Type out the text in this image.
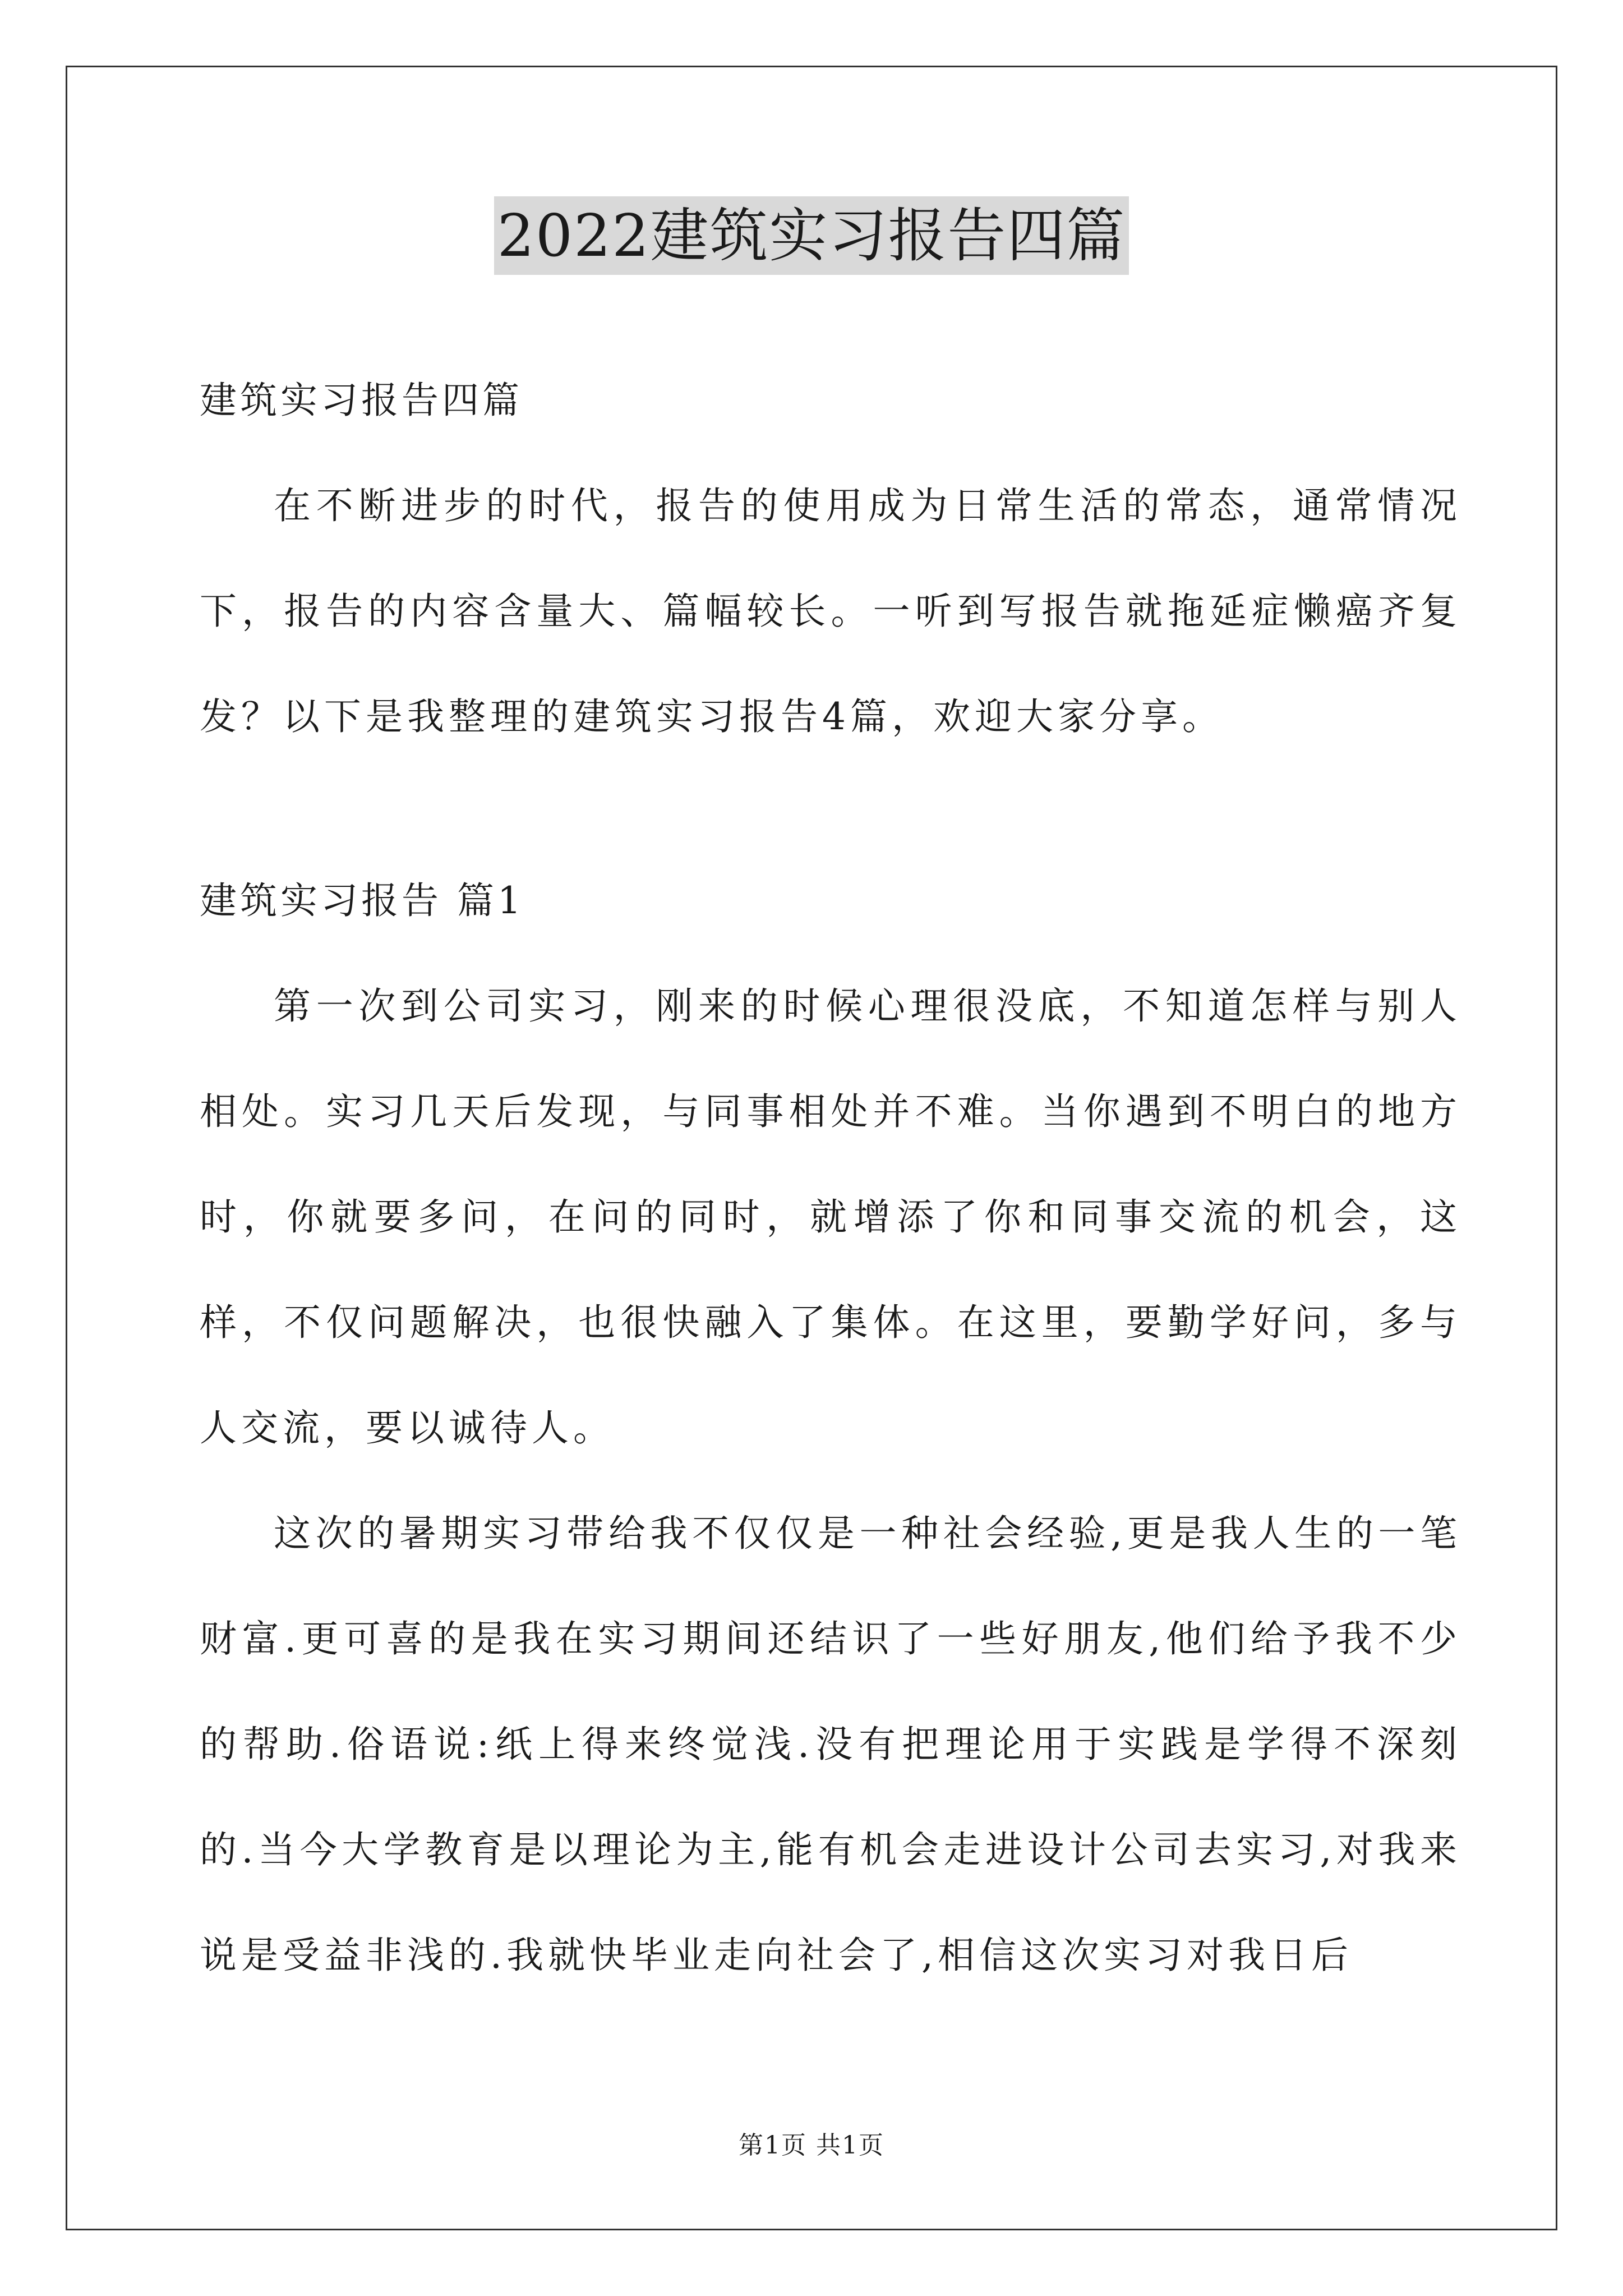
2022建筑实习报告四篇
建筑实习报告四篇
在不断进步的时代，报告的使用成为日常生活的常态，通常情况下，报告的内容含量大、篇幅较长。一听到写报告就拖延症懒癌齐复发？以下是我整理的建筑实习报告4篇，欢迎大家分享。
建筑实习报告 篇1
第一次到公司实习，刚来的时候心理很没底，不知道怎样与别人相处。实习几天后发现，与同事相处并不难。当你遇到不明白的地方时，你就要多问，在问的同时，就增添了你和同事交流的机会，这样，不仅问题解决，也很快融入了集体。在这里，要勤学好问，多与人交流，要以诚待人。
这次的暑期实习带给我不仅仅是一种社会经验,更是我人生的一笔财富.更可喜的是我在实习期间还结识了一些好朋友,他们给予我不少的帮助.俗语说:纸上得来终觉浅.没有把理论用于实践是学得不深刻的.当今大学教育是以理论为主,能有机会走进设计公司去实习,对我来说是受益非浅的.我就快毕业走向社会了,相信这次实习对我日后
第1页 共1页
